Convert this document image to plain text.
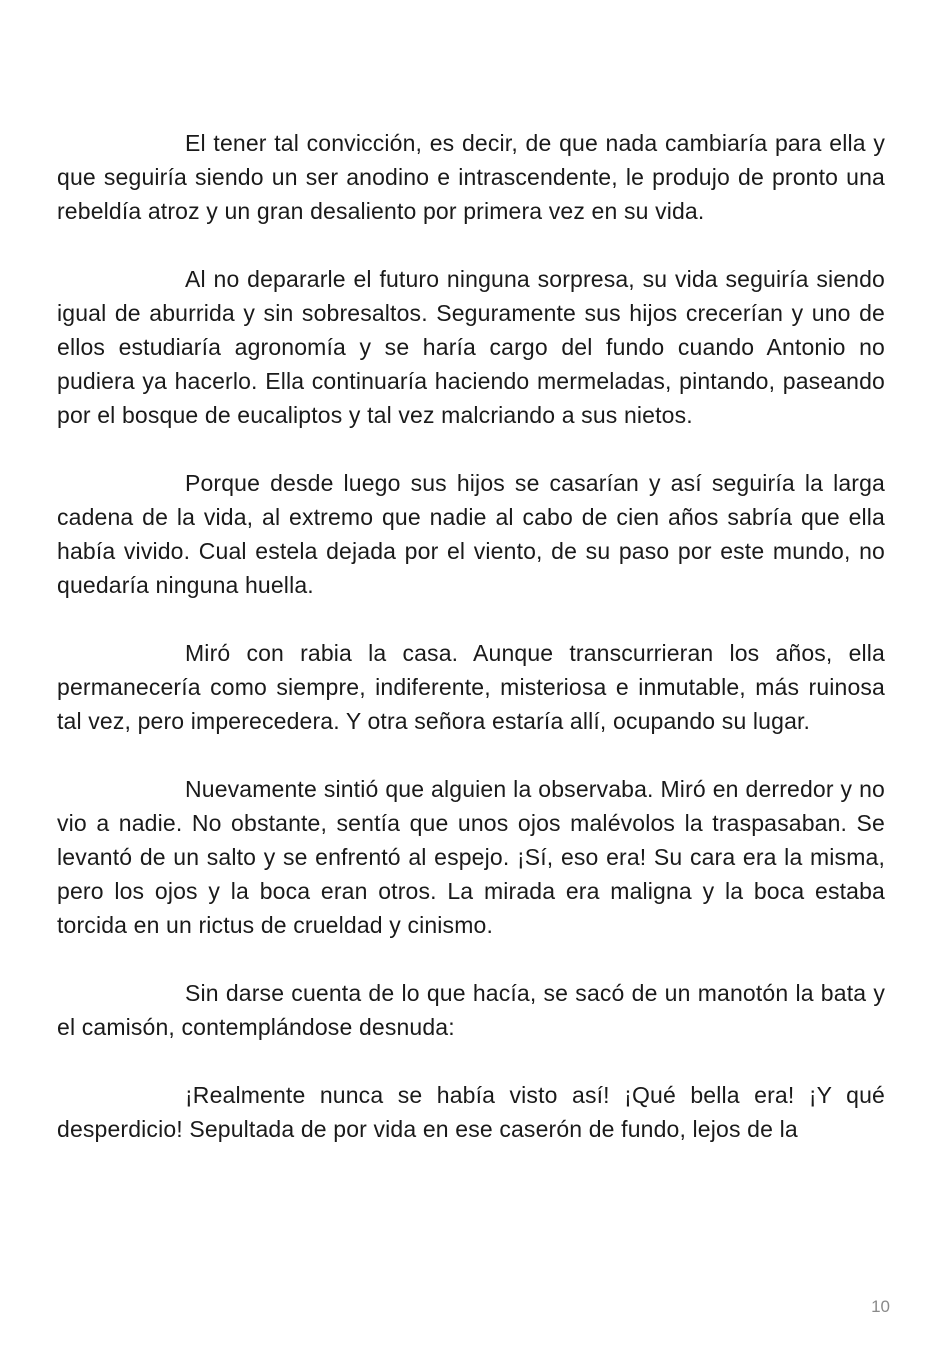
El tener tal convicción, es decir, de que nada cambiaría para ella y que seguiría siendo un ser anodino e intrascendente, le produjo de pronto una rebeldía atroz y un gran desaliento por primera vez en su vida.

Al no depararle el futuro ninguna sorpresa, su vida seguiría siendo igual de aburrida y sin sobresaltos. Seguramente sus hijos crecerían y uno de ellos estudiaría agronomía y se haría cargo del fundo cuando Antonio no pudiera ya hacerlo. Ella continuaría haciendo mermeladas, pintando, paseando por el bosque de eucaliptos y tal vez malcriando a sus nietos.

Porque desde luego sus hijos se casarían y así seguiría la larga cadena de la vida, al extremo que nadie al cabo de cien años sabría que ella había vivido. Cual estela dejada por el viento, de su paso por este mundo, no quedaría ninguna huella.

Miró con rabia la casa. Aunque transcurrieran los años, ella permanecería como siempre, indiferente, misteriosa e inmutable, más ruinosa tal vez, pero imperecedera. Y otra señora estaría allí, ocupando su lugar.

Nuevamente sintió que alguien la observaba. Miró en derredor y no vio a nadie. No obstante, sentía que unos ojos malévolos la traspasaban. Se levantó de un salto y se enfrentó al espejo. ¡Sí, eso era! Su cara era la misma, pero los ojos y la boca eran otros. La mirada era maligna y la boca estaba torcida en un rictus de crueldad y cinismo.

Sin darse cuenta de lo que hacía, se sacó de un manotón la bata y el camisón, contemplándose desnuda:

¡Realmente nunca se había visto así! ¡Qué bella era! ¡Y qué desperdicio! Sepultada de por vida en ese caserón de fundo, lejos de la

10
